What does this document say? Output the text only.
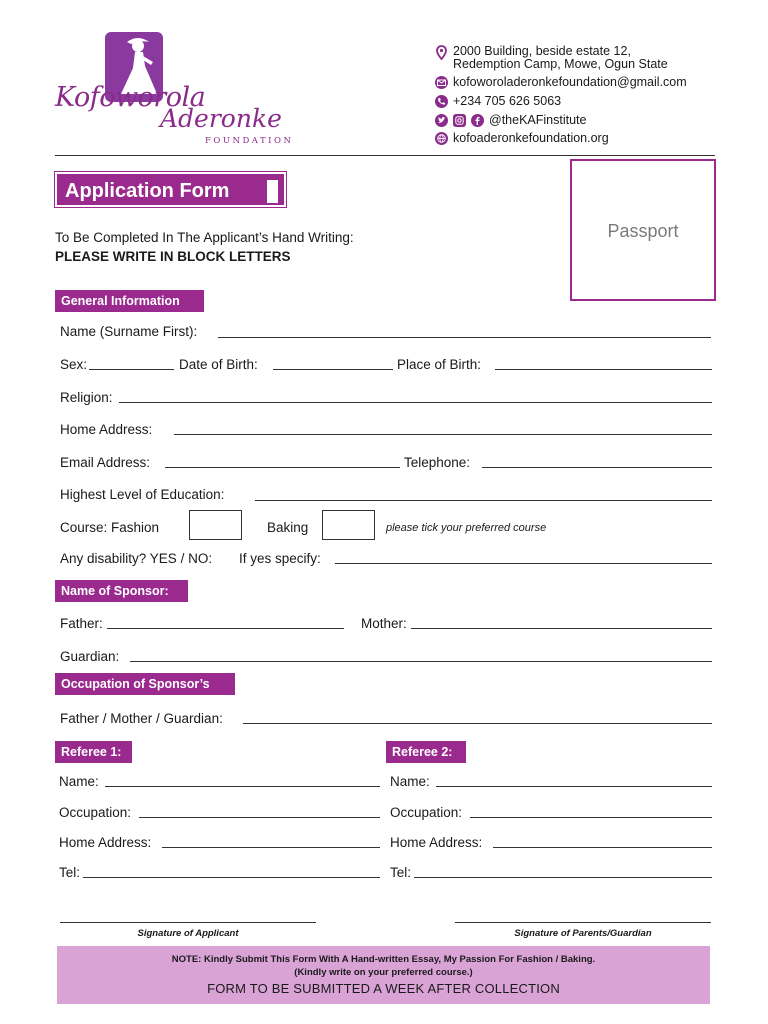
Kofoworola
Aderonke
FOUNDATION
2000 Building, beside estate 12,
Redemption Camp, Mowe, Ogun State
kofoworoladeronkefoundation@gmail.com
+234 705 626 5063
@theKAFinstitute
kofoaderonkefoundation.org
Application Form
Passport
To Be Completed In The Applicant’s Hand Writing:
PLEASE WRITE IN BLOCK LETTERS
General Information
Name (Surname First):
Sex:	Date of Birth:	Place of Birth:
Religion:
Home Address:
Email Address:	Telephone:
Highest Level of Education:
Course: Fashion	Baking	please tick your preferred course
Any disability? YES / NO: If yes specify:
Name of Sponsor:
Father:	Mother:
Guardian:
Occupation of Sponsor’s
Father / Mother / Guardian:
Referee 1:
Name:
Occupation:
Home Address:
Tel:
Referee 2:
Name:
Occupation:
Home Address:
Tel:
Signature of Applicant	Signature of Parents/Guardian
NOTE: Kindly Submit This Form With A Hand-written Essay, My Passion For Fashion / Baking.
(Kindly write on your preferred course.)
FORM TO BE SUBMITTED A WEEK AFTER COLLECTION
